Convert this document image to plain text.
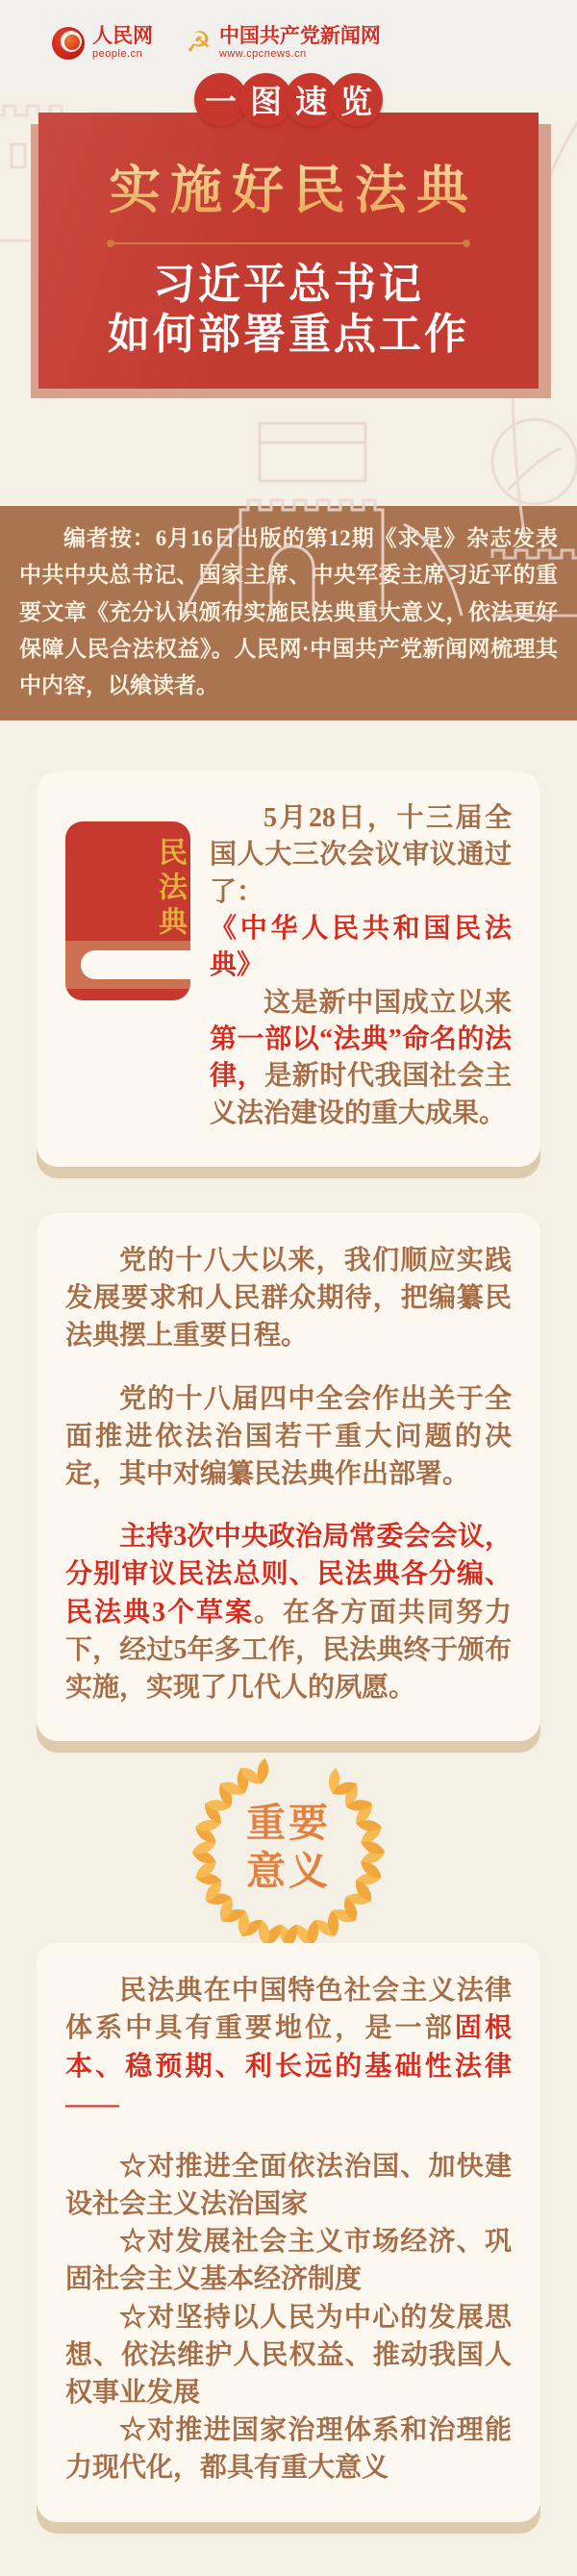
人民网
people.cn	☭ 中国共产党新闻网
www.cpcnews.cn
一 图 速 览
实施好民法典
习近平总书记
如何部署重点工作

编者按：6月16日出版的第12期《求是》杂志发表中共中央总书记、国家主席、中央军委主席习近平的重要文章《充分认识颁布实施民法典重大意义，依法更好保障人民合法权益》。人民网·中国共产党新闻网梳理其中内容，以飨读者。

民法典

5月28日，十三届全国人大三次会议审议通过了：

《中华人民共和国民法典》

这是新中国成立以来第一部以“法典”命名的法律，是新时代我国社会主义法治建设的重大成果。

党的十八大以来，我们顺应实践发展要求和人民群众期待，把编纂民法典摆上重要日程。

党的十八届四中全会作出关于全面推进依法治国若干重大问题的决定，其中对编纂民法典作出部署。

主持3次中央政治局常委会会议，分别审议民法总则、民法典各分编、民法典3个草案。在各方面共同努力下，经过5年多工作，民法典终于颁布实施，实现了几代人的夙愿。

重要
意义

民法典在中国特色社会主义法律体系中具有重要地位，是一部固根本、稳预期、利长远的基础性法律——

☆对推进全面依法治国、加快建设社会主义法治国家

☆对发展社会主义市场经济、巩固社会主义基本经济制度

☆对坚持以人民为中心的发展思想、依法维护人民权益、推动我国人权事业发展

☆对推进国家治理体系和治理能力现代化，都具有重大意义
